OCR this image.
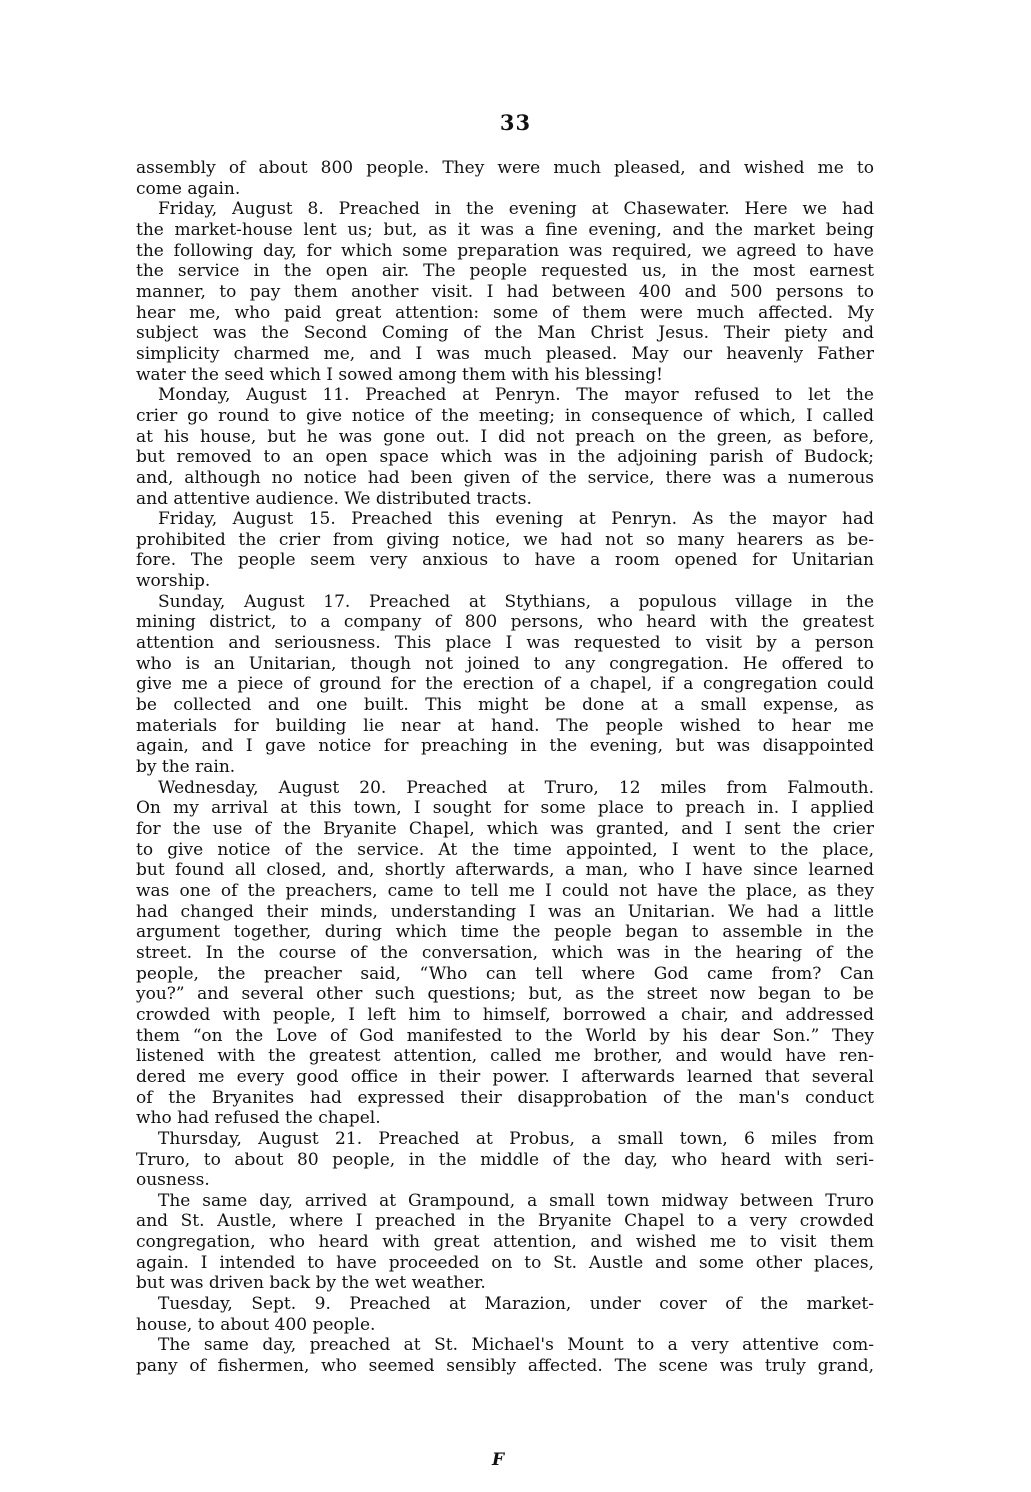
33
assembly of about 800 people. They were much pleased, and wished me to
come again.
Friday, August 8. Preached in the evening at Chasewater. Here we had
the market-house lent us; but, as it was a fine evening, and the market being
the following day, for which some preparation was required, we agreed to have
the service in the open air. The people requested us, in the most earnest
manner, to pay them another visit. I had between 400 and 500 persons to
hear me, who paid great attention: some of them were much affected. My
subject was the Second Coming of the Man Christ Jesus. Their piety and
simplicity charmed me, and I was much pleased. May our heavenly Father
water the seed which I sowed among them with his blessing!
Monday, August 11. Preached at Penryn. The mayor refused to let the
crier go round to give notice of the meeting; in consequence of which, I called
at his house, but he was gone out. I did not preach on the green, as before,
but removed to an open space which was in the adjoining parish of Budock;
and, although no notice had been given of the service, there was a numerous
and attentive audience. We distributed tracts.
Friday, August 15. Preached this evening at Penryn. As the mayor had
prohibited the crier from giving notice, we had not so many hearers as be-
fore. The people seem very anxious to have a room opened for Unitarian
worship.
Sunday, August 17. Preached at Stythians, a populous village in the
mining district, to a company of 800 persons, who heard with the greatest
attention and seriousness. This place I was requested to visit by a person
who is an Unitarian, though not joined to any congregation. He offered to
give me a piece of ground for the erection of a chapel, if a congregation could
be collected and one built. This might be done at a small expense, as
materials for building lie near at hand. The people wished to hear me
again, and I gave notice for preaching in the evening, but was disappointed
by the rain.
Wednesday, August 20. Preached at Truro, 12 miles from Falmouth.
On my arrival at this town, I sought for some place to preach in. I applied
for the use of the Bryanite Chapel, which was granted, and I sent the crier
to give notice of the service. At the time appointed, I went to the place,
but found all closed, and, shortly afterwards, a man, who I have since learned
was one of the preachers, came to tell me I could not have the place, as they
had changed their minds, understanding I was an Unitarian. We had a little
argument together, during which time the people began to assemble in the
street. In the course of the conversation, which was in the hearing of the
people, the preacher said, “Who can tell where God came from? Can
you?” and several other such questions; but, as the street now began to be
crowded with people, I left him to himself, borrowed a chair, and addressed
them “on the Love of God manifested to the World by his dear Son.” They
listened with the greatest attention, called me brother, and would have ren-
dered me every good office in their power. I afterwards learned that several
of the Bryanites had expressed their disapprobation of the man's conduct
who had refused the chapel.
Thursday, August 21. Preached at Probus, a small town, 6 miles from
Truro, to about 80 people, in the middle of the day, who heard with seri-
ousness.
The same day, arrived at Grampound, a small town midway between Truro
and St. Austle, where I preached in the Bryanite Chapel to a very crowded
congregation, who heard with great attention, and wished me to visit them
again. I intended to have proceeded on to St. Austle and some other places,
but was driven back by the wet weather.
Tuesday, Sept. 9. Preached at Marazion, under cover of the market-
house, to about 400 people.
The same day, preached at St. Michael's Mount to a very attentive com-
pany of fishermen, who seemed sensibly affected. The scene was truly grand,
F
